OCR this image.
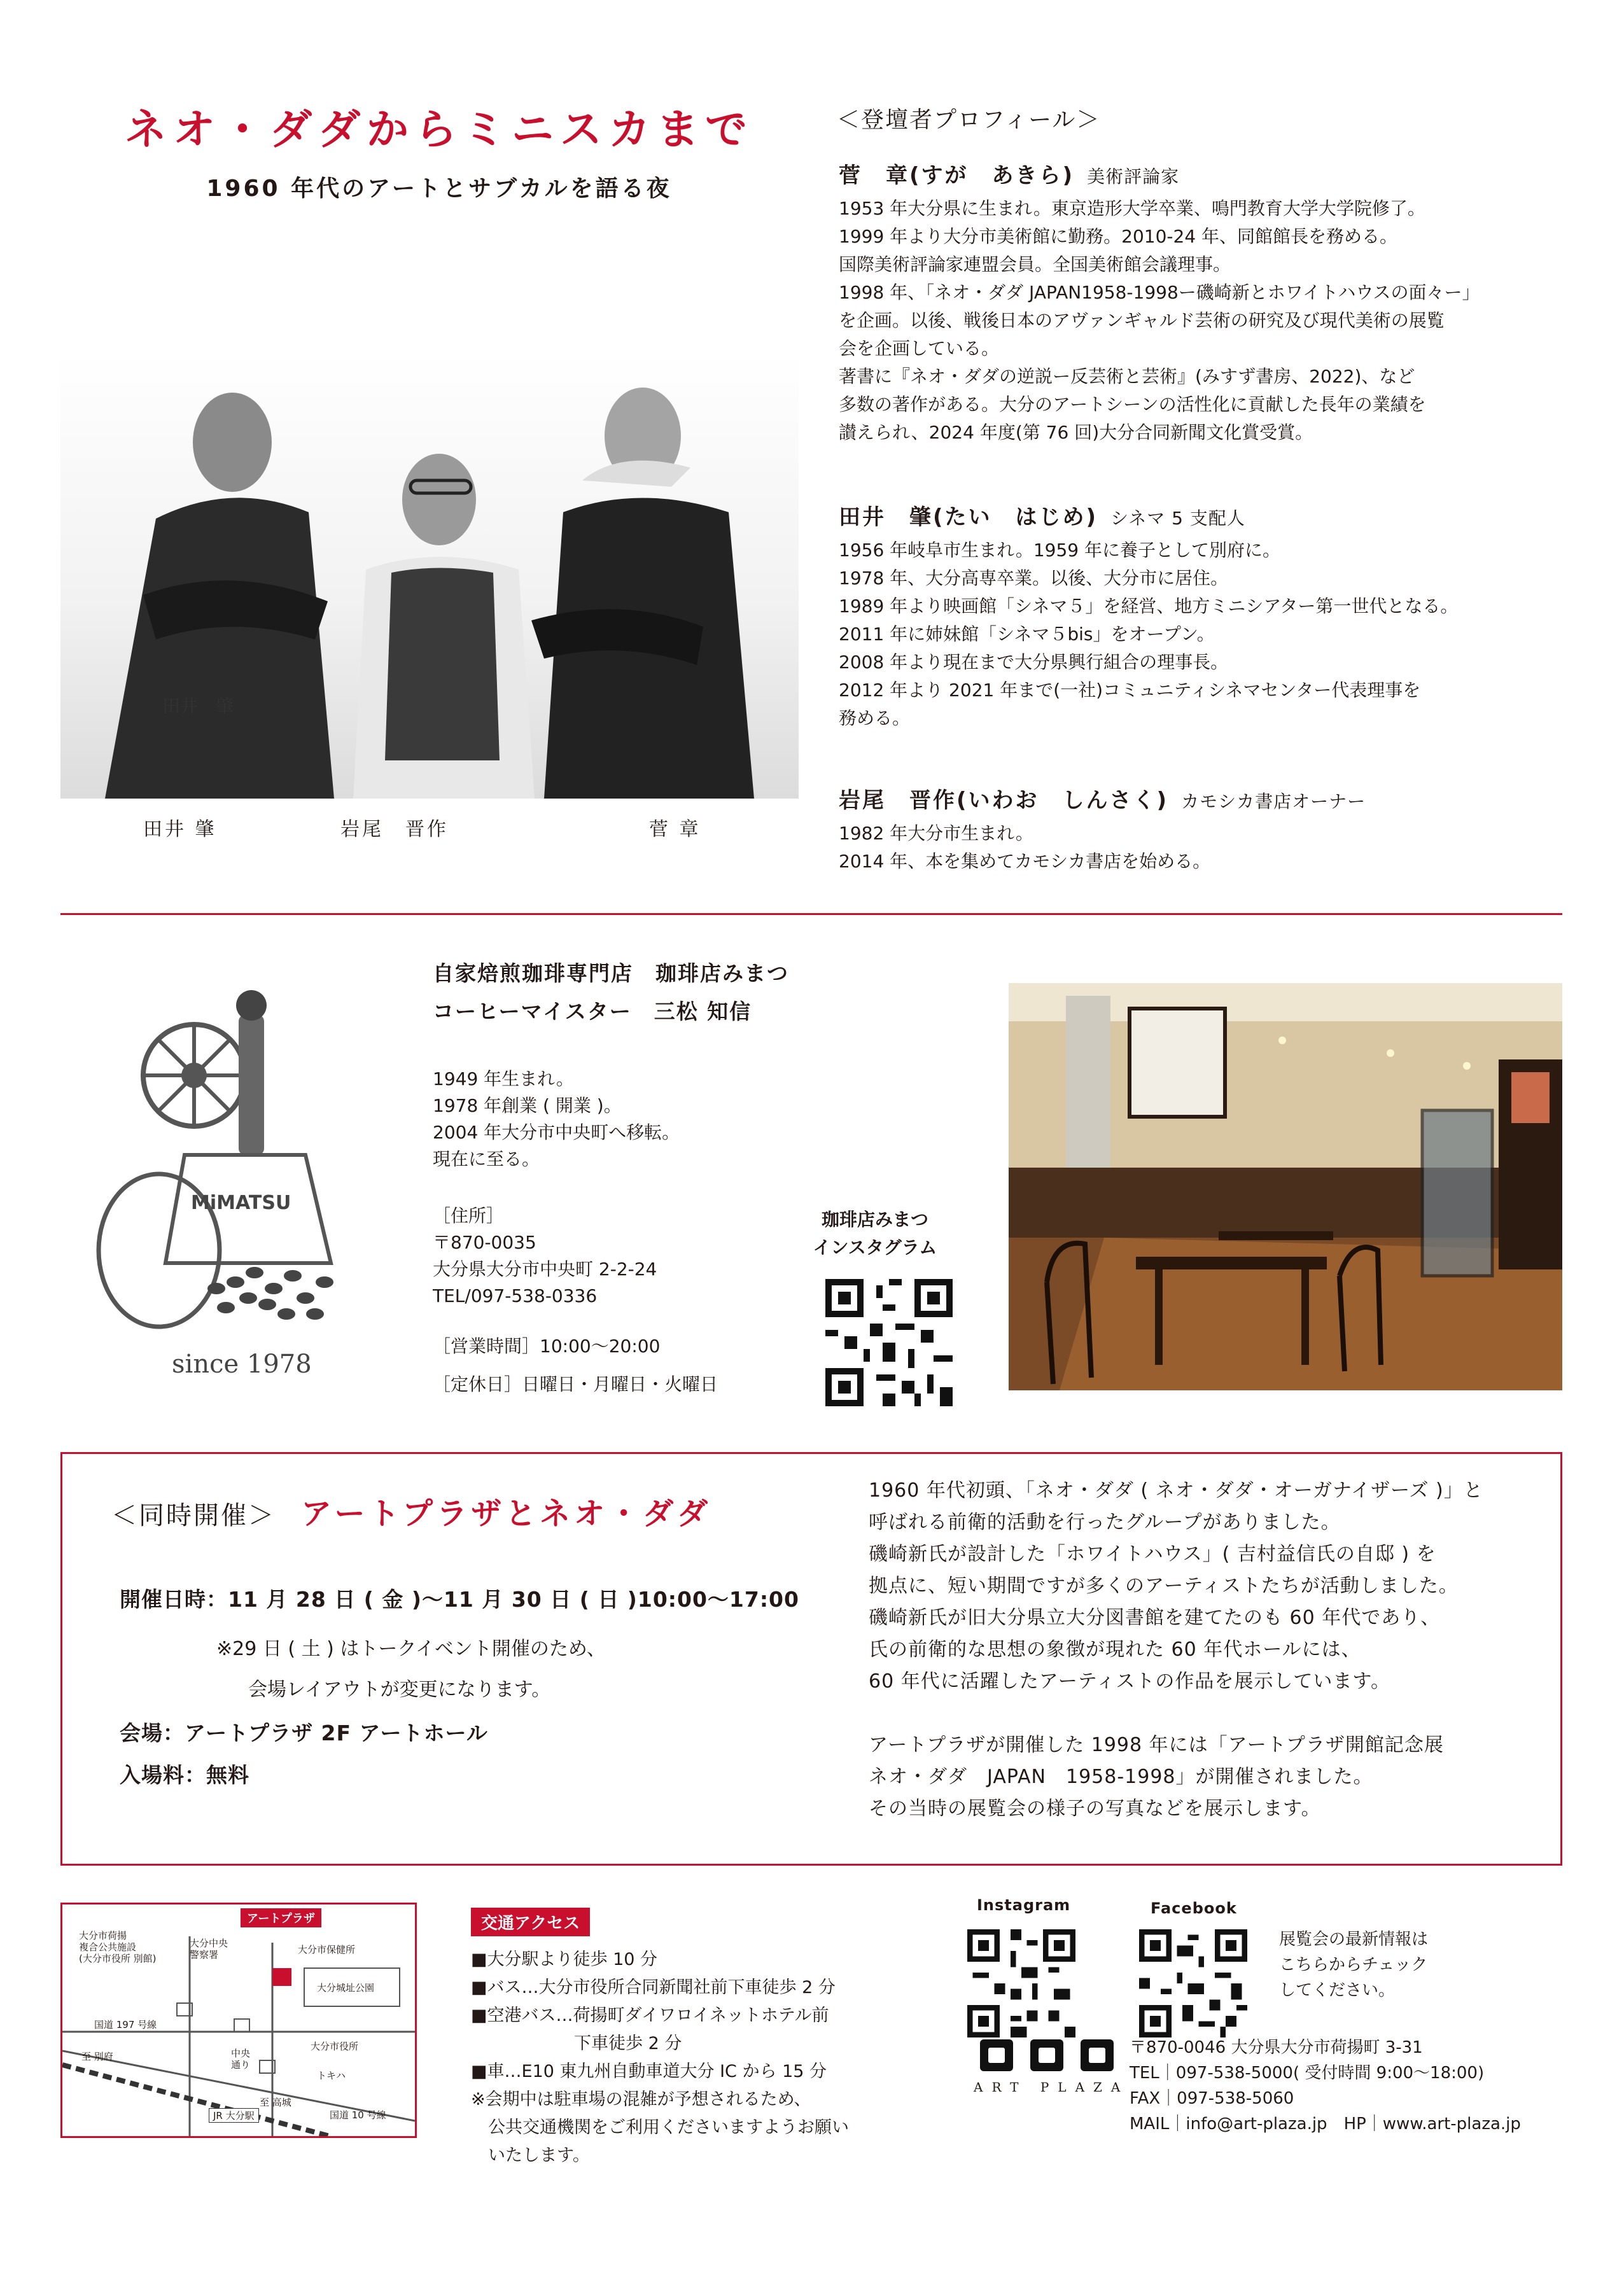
ネオ・ダダからミニスカまで
1960 年代のアートとサブカルを語る夜
田井　肇
田井 肇	岩尾　晋作	菅 章
＜登壇者プロフィール＞
菅　章(すが　あきら) 美術評論家
1953 年大分県に生まれ。東京造形大学卒業、鳴門教育大学大学院修了。
1999 年より大分市美術館に勤務。2010-24 年、同館館長を務める。
国際美術評論家連盟会員。全国美術館会議理事。
1998 年、「ネオ・ダダ JAPAN1958-1998ー磯崎新とホワイトハウスの面々ー」
を企画。以後、戦後日本のアヴァンギャルド芸術の研究及び現代美術の展覧
会を企画している。
著書に『ネオ・ダダの逆説ー反芸術と芸術』(みすず書房、2022)、など
多数の著作がある。大分のアートシーンの活性化に貢献した長年の業績を
讃えられ、2024 年度(第 76 回)大分合同新聞文化賞受賞。
田井　肇(たい　はじめ) シネマ 5 支配人
1956 年岐阜市生まれ。1959 年に養子として別府に。
1978 年、大分高専卒業。以後、大分市に居住。
1989 年より映画館「シネマ５」を経営、地方ミニシアター第一世代となる。
2011 年に姉妹館「シネマ５bis」をオープン。
2008 年より現在まで大分県興行組合の理事長。
2012 年より 2021 年まで(一社)コミュニティシネマセンター代表理事を
務める。
岩尾　晋作(いわお　しんさく) カモシカ書店オーナー
1982 年大分市生まれ。
2014 年、本を集めてカモシカ書店を始める。
MiMATSU
since 1978
自家焙煎珈琲専門店　珈琲店みまつ
コーヒーマイスター　三松 知信
1949 年生まれ。
1978 年創業 ( 開業 )。
2004 年大分市中央町へ移転。
現在に至る。
［住所］
〒870-0035
大分県大分市中央町 2-2-24
TEL/097-538-0336
［営業時間］10:00～20:00
［定休日］日曜日・月曜日・火曜日
珈琲店みまつ
インスタグラム
＜同時開催＞ アートプラザとネオ・ダダ
開催日時：11 月 28 日 ( 金 )～11 月 30 日 ( 日 )10:00～17:00
※29 日 ( 土 ) はトークイベント開催のため、
会場レイアウトが変更になります。
会場：アートプラザ 2F アートホール
入場料：無料
1960 年代初頭、「ネオ・ダダ ( ネオ・ダダ・オーガナイザーズ )」と
呼ばれる前衛的活動を行ったグループがありました。
磯崎新氏が設計した「ホワイトハウス」( 吉村益信氏の自邸 ) を
拠点に、短い期間ですが多くのアーティストたちが活動しました。
磯崎新氏が旧大分県立大分図書館を建てたのも 60 年代であり、
氏の前衛的な思想の象徴が現れた 60 年代ホールには、
60 年代に活躍したアーティストの作品を展示しています。

アートプラザが開催した 1998 年には「アートプラザ開館記念展
ネオ・ダダ　JAPAN　1958-1998」が開催されました。
その当時の展覧会の様子の写真などを展示します。
アートプラザ
大分市荷揚
複合公共施設
(大分市役所 別館)
大分中央
警察署	大分市保健所
大分城址公園
国道 197 号線
至 別府	中央
通り
大分市役所
トキハ
至 高城
JR 大分駅	国道 10 号線
交通アクセス
■大分駅より徒歩 10 分
■バス…大分市役所合同新聞社前下車徒歩 2 分
■空港バス…荷揚町ダイワロイネットホテル前
　　　　　　下車徒歩 2 分
■車…E10 東九州自動車道大分 IC から 15 分
※会期中は駐車場の混雑が予想されるため、
　公共交通機関をご利用くださいますようお願い
　いたします。
Instagram	Facebook
展覧会の最新情報は
こちらからチェック
してください。
ART PLAZA
〒870-0046 大分県大分市荷揚町 3-31
TEL｜097-538-5000( 受付時間 9:00～18:00)
FAX｜097-538-5060
MAIL｜info@art-plaza.jp　HP｜www.art-plaza.jp
